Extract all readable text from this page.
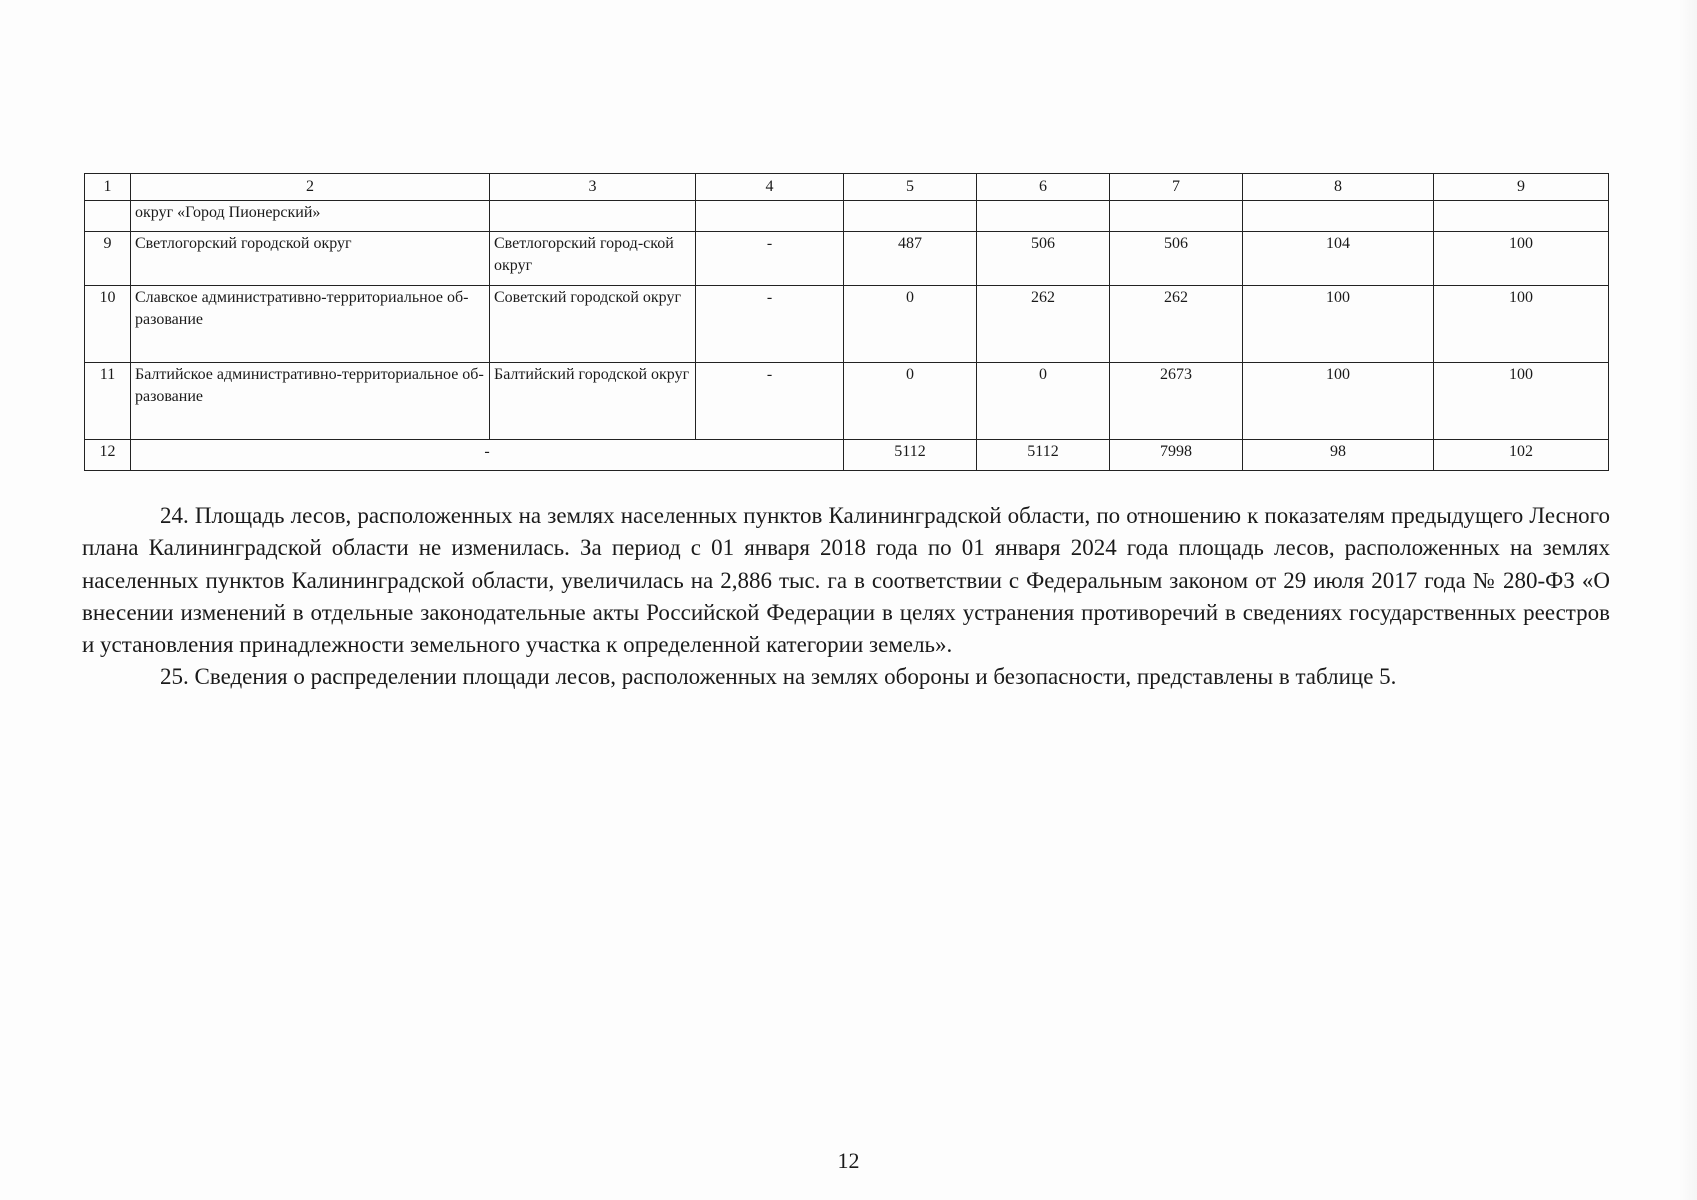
1	2	3	4	5	6	7	8	9
	округ «Город Пионерский»							
9	Светлогорский городской округ	Светлогорский город-ской округ	-	487	506	506	104	100
10	Славское административно-территориальное об-разование	Советский городской округ	-	0	262	262	100	100
11	Балтийское административно-территориальное об-разование	Балтийский городской округ	-	0	0	2673	100	100
12	-			5112	5112	7998	98	102

24. Площадь лесов, расположенных на землях населенных пунктов Калининградской области, по отношению к показателям предыдущего Лесного плана Калининградской области не изменилась. За период с 01 января 2018 года по 01 января 2024 года площадь лесов, расположенных на землях населенных пунктов Калининградской области, увеличилась на 2,886 тыс. га в соответствии с Федеральным законом от 29 июля 2017 года № 280-ФЗ «О внесении изменений в отдельные законодательные акты Российской Федерации в целях устранения противоречий в сведениях государственных реестров и установления принадлежности земельного участка к определенной категории земель».

25. Сведения о распределении площади лесов, расположенных на землях обороны и безопасности, представлены в таблице 5.

12
